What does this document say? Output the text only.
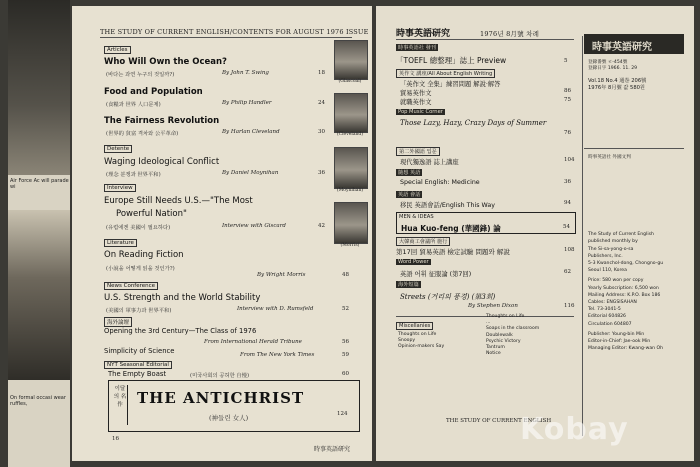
Air Force Ac will parade wi
On formal occasi wear ruffles,
THE STUDY OF CURRENT ENGLISH/CONTENTS FOR AUGUST 1976 ISSUE
Articles
Who Will Own the Ocean?
(바다는 과연 누구의 것일까?)	By John T. Swing	18
Food and Population
(食糧과 世界 人口문제)	By Philip Handler	24
The Fairness Revolution
(世界的 貧富 격차와 公平革命)	By Harlan Cleveland	30
Detente
Waging Ideological Conflict
(理念 분쟁과 世界平和)	By Daniel Moynihan	36
Interview
Europe Still Needs U.S.—"The Most
Powerful Nation"
(유럽에겐 美國이 필요하다)	Interview with Giscard	42
Literature
On Reading Fiction
(小說을 어떻게 읽을 것인가?)
By Wright Morris	48
News Conference
U.S. Strength and the World Stability
(美國의 軍事力과 世界平和)	Interview with D. Rumsfeld	52
海外論壇
Opening the 3rd Century—The Class of 1976
From International Herald Tribune	56
Simplicity of Science	From The New York Times	59
NYT Seasonal Editorial
The Empty Boast	(미국사회의 공허한 自慢)	60
(Glascoal)
(Cleveland)
(Moynihan)
(Morris)
이달의 名作 THE ANTICHRIST
(神들린 女人)	124
16
時事英語研究
時事英語研究	1976년 8月號 차례
時事英語社 發刊
「TOEFL 總整理」誌上 Preview	5
英作文 講座/All About English Writing
「英作文 全集」練習問題 解說·解答
貿易英作文	86
就職英作文	75
Pop Music Corner
Those Lazy, Hazy, Crazy Days of Summer
76
第二外國語 입문
現代獨逸語 誌上講座	104
隨想 英語
Special English: Medicine	36
英語 會話
移民 英語會話/English This Way	94
MEN & IDEAS
Hua Kuo-feng (華國鋒) 論	54
大韓商工會議所 施行
第17回 貿易英語 檢定試驗 問題와 解說	108
Word Power
英語 어휘 征服論 (第7回)	62
海外短篇
Streets (거리의 풍경) (第3회)
By Stephen Dixon	116
Miscellanies
Thoughts on Life
Snoopy
Opinion-makers Say
Thoughts on Life
...
Soaps in the classroom
Doublewalk
Psychic Victory
Tantrum
Notice
THE STUDY OF CURRENT ENGLISH
時事英語研究
登錄番號 ㄹ-454號
登錄日字 1966. 11. 29
Vol.18 No.4 通巻 206號
1976年 8月號 값 580원
時事英語社 外國文判
The Study of Current English
published monthly by
The Si-sa-yong-o-sa
Publishers, Inc.
5-3 Kwanchol-dong, Chongno-gu
Seoul 110, Korea
Price: 580 won per copy
Yearly Subscription: 6,500 won
Mailing Address: K.P.O. Box 186
Cables: ENGSISAHAN
Tel. 73-3041-5
Editorial 604826
Circulation 604807
Publisher: Young-bin Min
Editor-in-Chief: Jae-ook Min
Managing Editor: Kwang-wan Oh
Kobay
